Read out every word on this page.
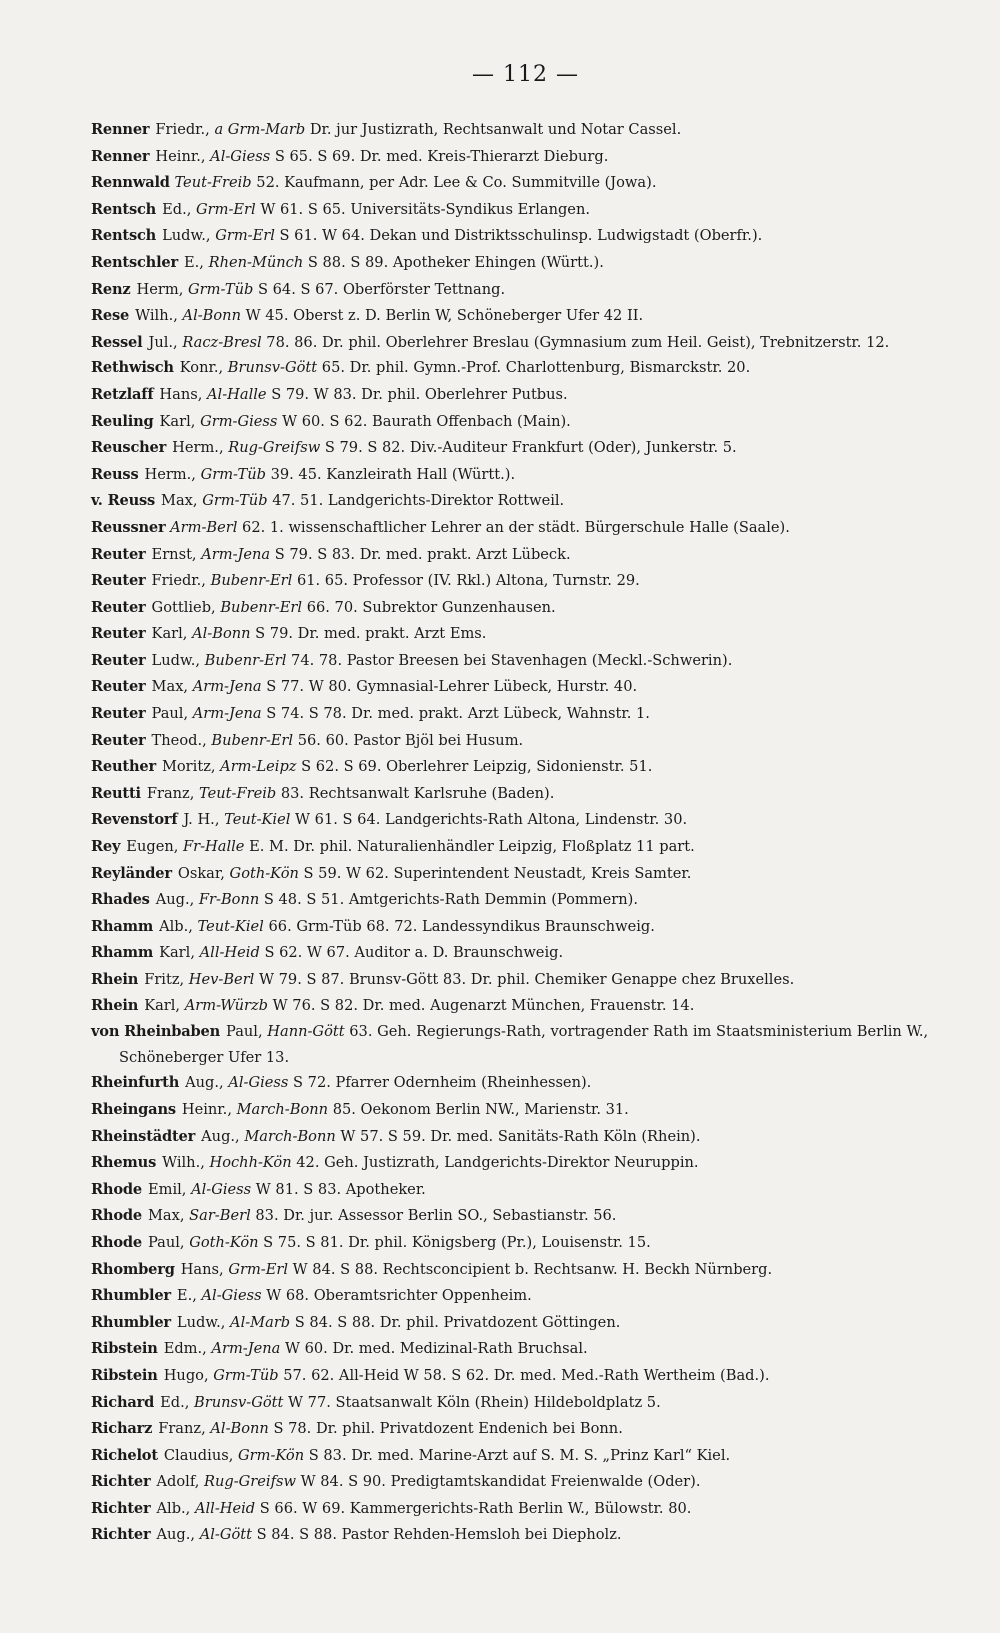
— 112 —
Renner Friedr., a Grm-Marb Dr. jur Justizrath, Rechtsanwalt und Notar Cassel.
Renner Heinr., Al-Giess S 65. S 69. Dr. med. Kreis-Thierarzt Dieburg.
Rennwald Teut-Freib 52. Kaufmann, per Adr. Lee & Co. Summitville (Jowa).
Rentsch Ed., Grm-Erl W 61. S 65. Universitäts-Syndikus Erlangen.
Rentsch Ludw., Grm-Erl S 61. W 64. Dekan und Distriktsschulinsp. Ludwigstadt (Oberfr.).
Rentschler E., Rhen-Münch S 88. S 89. Apotheker Ehingen (Württ.).
Renz Herm, Grm-Tüb S 64. S 67. Oberförster Tettnang.
Rese Wilh., Al-Bonn W 45. Oberst z. D. Berlin W, Schöneberger Ufer 42 II.
Ressel Jul., Racz-Bresl 78. 86. Dr. phil. Oberlehrer Breslau (Gymnasium zum Heil. Geist), Trebnitzerstr. 12.
Rethwisch Konr., Brunsv-Gött 65. Dr. phil. Gymn.-Prof. Charlottenburg, Bismarckstr. 20.
Retzlaff Hans, Al-Halle S 79. W 83. Dr. phil. Oberlehrer Putbus.
Reuling Karl, Grm-Giess W 60. S 62. Baurath Offenbach (Main).
Reuscher Herm., Rug-Greifsw S 79. S 82. Div.-Auditeur Frankfurt (Oder), Junkerstr. 5.
Reuss Herm., Grm-Tüb 39. 45. Kanzleirath Hall (Württ.).
v. Reuss Max, Grm-Tüb 47. 51. Landgerichts-Direktor Rottweil.
Reussner Arm-Berl 62. 1. wissenschaftlicher Lehrer an der städt. Bürgerschule Halle (Saale).
Reuter Ernst, Arm-Jena S 79. S 83. Dr. med. prakt. Arzt Lübeck.
Reuter Friedr., Bubenr-Erl 61. 65. Professor (IV. Rkl.) Altona, Turnstr. 29.
Reuter Gottlieb, Bubenr-Erl 66. 70. Subrektor Gunzenhausen.
Reuter Karl, Al-Bonn S 79. Dr. med. prakt. Arzt Ems.
Reuter Ludw., Bubenr-Erl 74. 78. Pastor Breesen bei Stavenhagen (Meckl.-Schwerin).
Reuter Max, Arm-Jena S 77. W 80. Gymnasial-Lehrer Lübeck, Hurstr. 40.
Reuter Paul, Arm-Jena S 74. S 78. Dr. med. prakt. Arzt Lübeck, Wahnstr. 1.
Reuter Theod., Bubenr-Erl 56. 60. Pastor Bjöl bei Husum.
Reuther Moritz, Arm-Leipz S 62. S 69. Oberlehrer Leipzig, Sidonienstr. 51.
Reutti Franz, Teut-Freib 83. Rechtsanwalt Karlsruhe (Baden).
Revenstorf J. H., Teut-Kiel W 61. S 64. Landgerichts-Rath Altona, Lindenstr. 30.
Rey Eugen, Fr-Halle E. M. Dr. phil. Naturalienhändler Leipzig, Floßplatz 11 part.
Reyländer Oskar, Goth-Kön S 59. W 62. Superintendent Neustadt, Kreis Samter.
Rhades Aug., Fr-Bonn S 48. S 51. Amtgerichts-Rath Demmin (Pommern).
Rhamm Alb., Teut-Kiel 66. Grm-Tüb 68. 72. Landessyndikus Braunschweig.
Rhamm Karl, All-Heid S 62. W 67. Auditor a. D. Braunschweig.
Rhein Fritz, Hev-Berl W 79. S 87. Brunsv-Gött 83. Dr. phil. Chemiker Genappe chez Bruxelles.
Rhein Karl, Arm-Würzb W 76. S 82. Dr. med. Augenarzt München, Frauenstr. 14.
von Rheinbaben Paul, Hann-Gött 63. Geh. Regierungs-Rath, vortragender Rath im Staatsministerium Berlin W., Schöneberger Ufer 13.
Rheinfurth Aug., Al-Giess S 72. Pfarrer Odernheim (Rheinhessen).
Rheingans Heinr., March-Bonn 85. Oekonom Berlin NW., Marienstr. 31.
Rheinstädter Aug., March-Bonn W 57. S 59. Dr. med. Sanitäts-Rath Köln (Rhein).
Rhemus Wilh., Hochh-Kön 42. Geh. Justizrath, Landgerichts-Direktor Neuruppin.
Rhode Emil, Al-Giess W 81. S 83. Apotheker.
Rhode Max, Sar-Berl 83. Dr. jur. Assessor Berlin SO., Sebastianstr. 56.
Rhode Paul, Goth-Kön S 75. S 81. Dr. phil. Königsberg (Pr.), Louisenstr. 15.
Rhomberg Hans, Grm-Erl W 84. S 88. Rechtsconcipient b. Rechtsanw. H. Beckh Nürnberg.
Rhumbler E., Al-Giess W 68. Oberamtsrichter Oppenheim.
Rhumbler Ludw., Al-Marb S 84. S 88. Dr. phil. Privatdozent Göttingen.
Ribstein Edm., Arm-Jena W 60. Dr. med. Medizinal-Rath Bruchsal.
Ribstein Hugo, Grm-Tüb 57. 62. All-Heid W 58. S 62. Dr. med. Med.-Rath Wertheim (Bad.).
Richard Ed., Brunsv-Gött W 77. Staatsanwalt Köln (Rhein) Hildeboldplatz 5.
Richarz Franz, Al-Bonn S 78. Dr. phil. Privatdozent Endenich bei Bonn.
Richelot Claudius, Grm-Kön S 83. Dr. med. Marine-Arzt auf S. M. S. „Prinz Karl“ Kiel.
Richter Adolf, Rug-Greifsw W 84. S 90. Predigtamtskandidat Freienwalde (Oder).
Richter Alb., All-Heid S 66. W 69. Kammergerichts-Rath Berlin W., Bülowstr. 80.
Richter Aug., Al-Gött S 84. S 88. Pastor Rehden-Hemsloh bei Diepholz.
